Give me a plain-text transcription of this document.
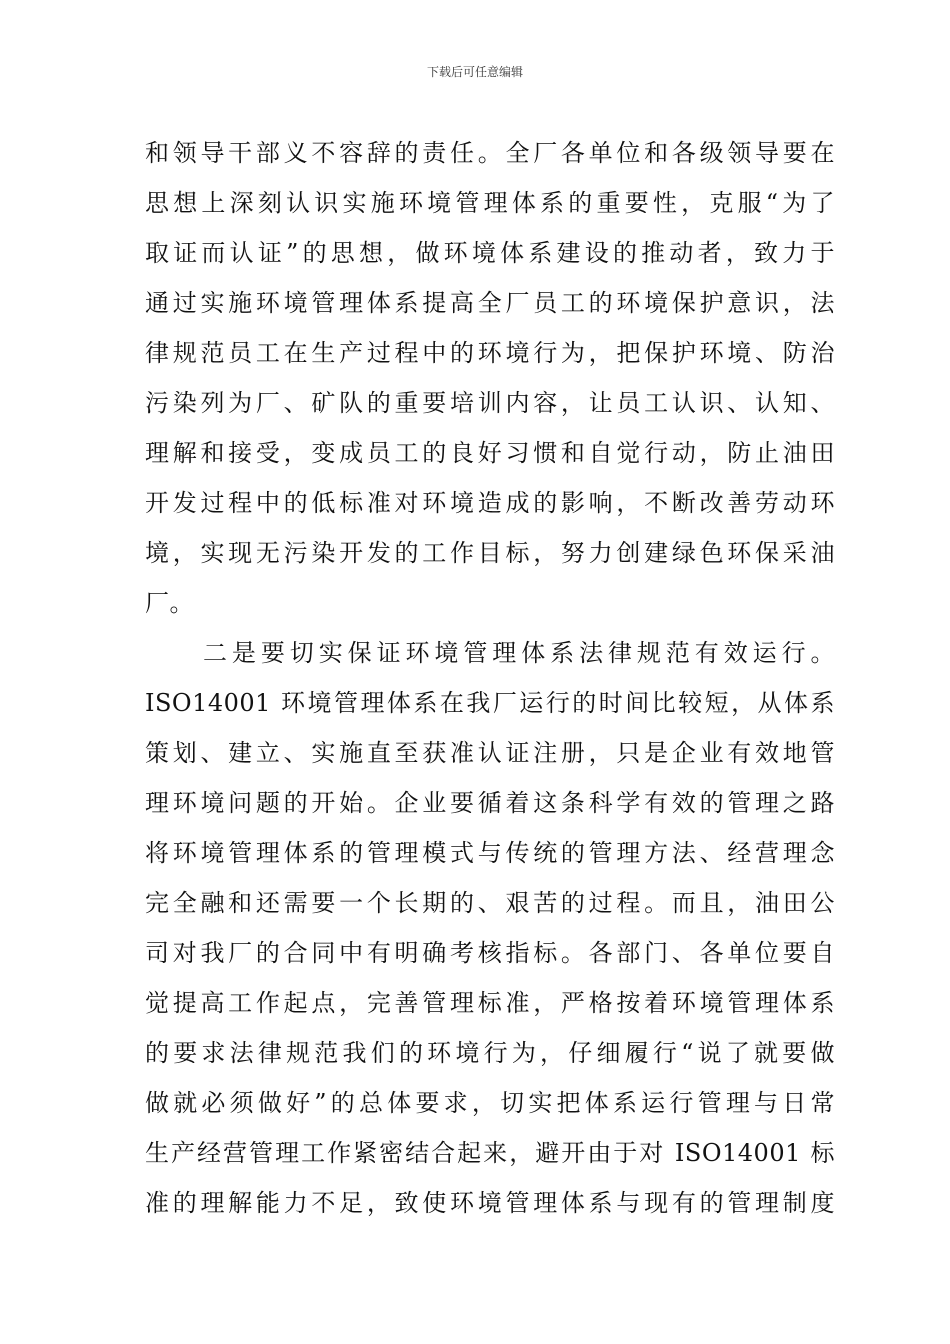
下载后可任意编辑
和领导干部义不容辞的责任。全厂各单位和各级领导要在
思想上深刻认识实施环境管理体系的重要性，克服“为了
取证而认证”的思想，做环境体系建设的推动者，致力于
通过实施环境管理体系提高全厂员工的环境保护意识，法
律规范员工在生产过程中的环境行为，把保护环境、防治
污染列为厂、矿队的重要培训内容，让员工认识、认知、
理解和接受，变成员工的良好习惯和自觉行动，防止油田
开发过程中的低标准对环境造成的影响，不断改善劳动环
境，实现无污染开发的工作目标，努力创建绿色环保采油
厂。
二是要切实保证环境管理体系法律规范有效运行。
ISO14001 环境管理体系在我厂运行的时间比较短，从体系
策划、建立、实施直至获准认证注册，只是企业有效地管
理环境问题的开始。企业要循着这条科学有效的管理之路
将环境管理体系的管理模式与传统的管理方法、经营理念
完全融和还需要一个长期的、艰苦的过程。而且，油田公
司对我厂的合同中有明确考核指标。各部门、各单位要自
觉提高工作起点，完善管理标准，严格按着环境管理体系
的要求法律规范我们的环境行为，仔细履行“说了就要做
做就必须做好”的总体要求，切实把体系运行管理与日常
生产经营管理工作紧密结合起来，避开由于对 ISO14001 标
准的理解能力不足，致使环境管理体系与现有的管理制度
